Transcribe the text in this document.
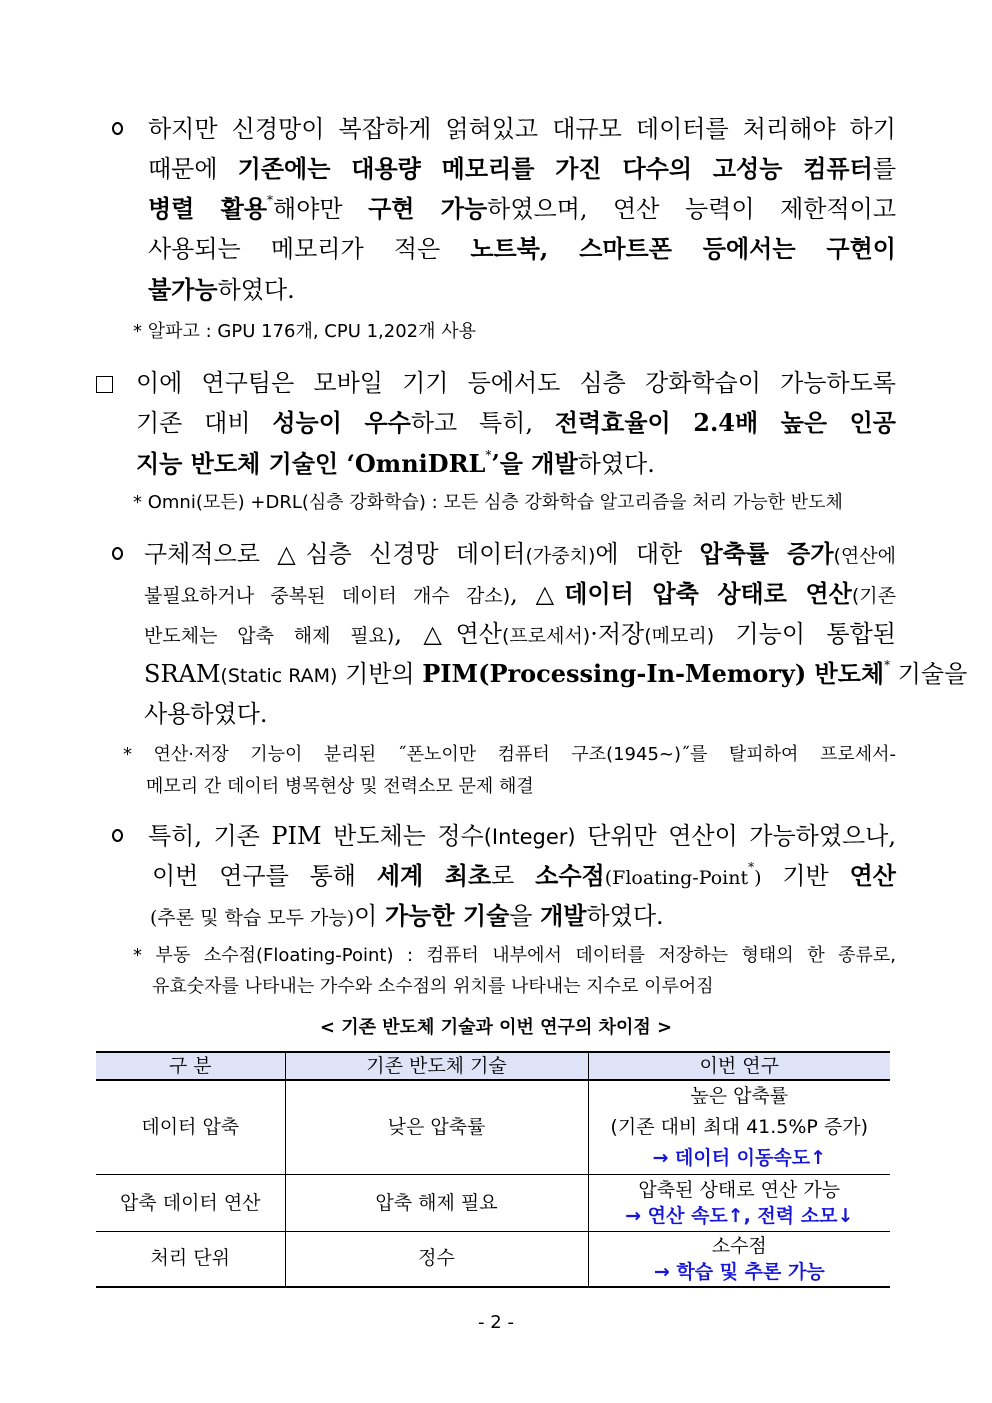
하지만 신경망이 복잡하게 얽혀있고 대규모 데이터를 처리해야 하기
때문에 기존에는 대용량 메모리를 가진 다수의 고성능 컴퓨터를
병렬 활용*해야만 구현 가능하였으며, 연산 능력이 제한적이고
사용되는 메모리가 적은 노트북, 스마트폰 등에서는 구현이
불가능하였다.
* 알파고 : GPU 176개, CPU 1,202개 사용
이에 연구팀은 모바일 기기 등에서도 심층 강화학습이 가능하도록
기존 대비 성능이 우수하고 특히, 전력효율이 2.4배 높은 인공
지능 반도체 기술인 ‘OmniDRL*’을 개발하였다.
* Omni(모든) +DRL(심층 강화학습) : 모든 심층 강화학습 알고리즘을 처리 가능한 반도체
구체적으로 △심층 신경망 데이터(가중치)에 대한 압축률 증가(연산에
불필요하거나 중복된 데이터 개수 감소), △데이터 압축 상태로 연산(기존
반도체는 압축 해제 필요), △연산(프로세서)·저장(메모리) 기능이 통합된
SRAM(Static RAM) 기반의 PIM(Processing-In-Memory) 반도체* 기술을
사용하였다.
* 연산·저장 기능이 분리된 ˝폰노이만 컴퓨터 구조(1945~)˝를 탈피하여 프로세서-
메모리 간 데이터 병목현상 및 전력소모 문제 해결
특히, 기존 PIM 반도체는 정수(Integer) 단위만 연산이 가능하였으나,
이번 연구를 통해 세계 최초로 소수점(Floating-Point*) 기반 연산
(추론 및 학습 모두 가능)이 가능한 기술을 개발하였다.
* 부동 소수점(Floating-Point) : 컴퓨터 내부에서 데이터를 저장하는 형태의 한 종류로,
유효숫자를 나타내는 가수와 소수점의 위치를 나타내는 지수로 이루어짐
< 기존 반도체 기술과 이번 연구의 차이점 >
구 분	기존 반도체 기술	이번 연구
데이터 압축	낮은 압축률	높은 압축률
(기존 대비 최대 41.5%P 증가)
→ 데이터 이동속도↑

압축 데이터 연산	압축 해제 필요	압축된 상태로 연산 가능
→ 연산 속도↑, 전력 소모↓

처리 단위	정수	소수점
→ 학습 및 추론 가능
- 2 -
